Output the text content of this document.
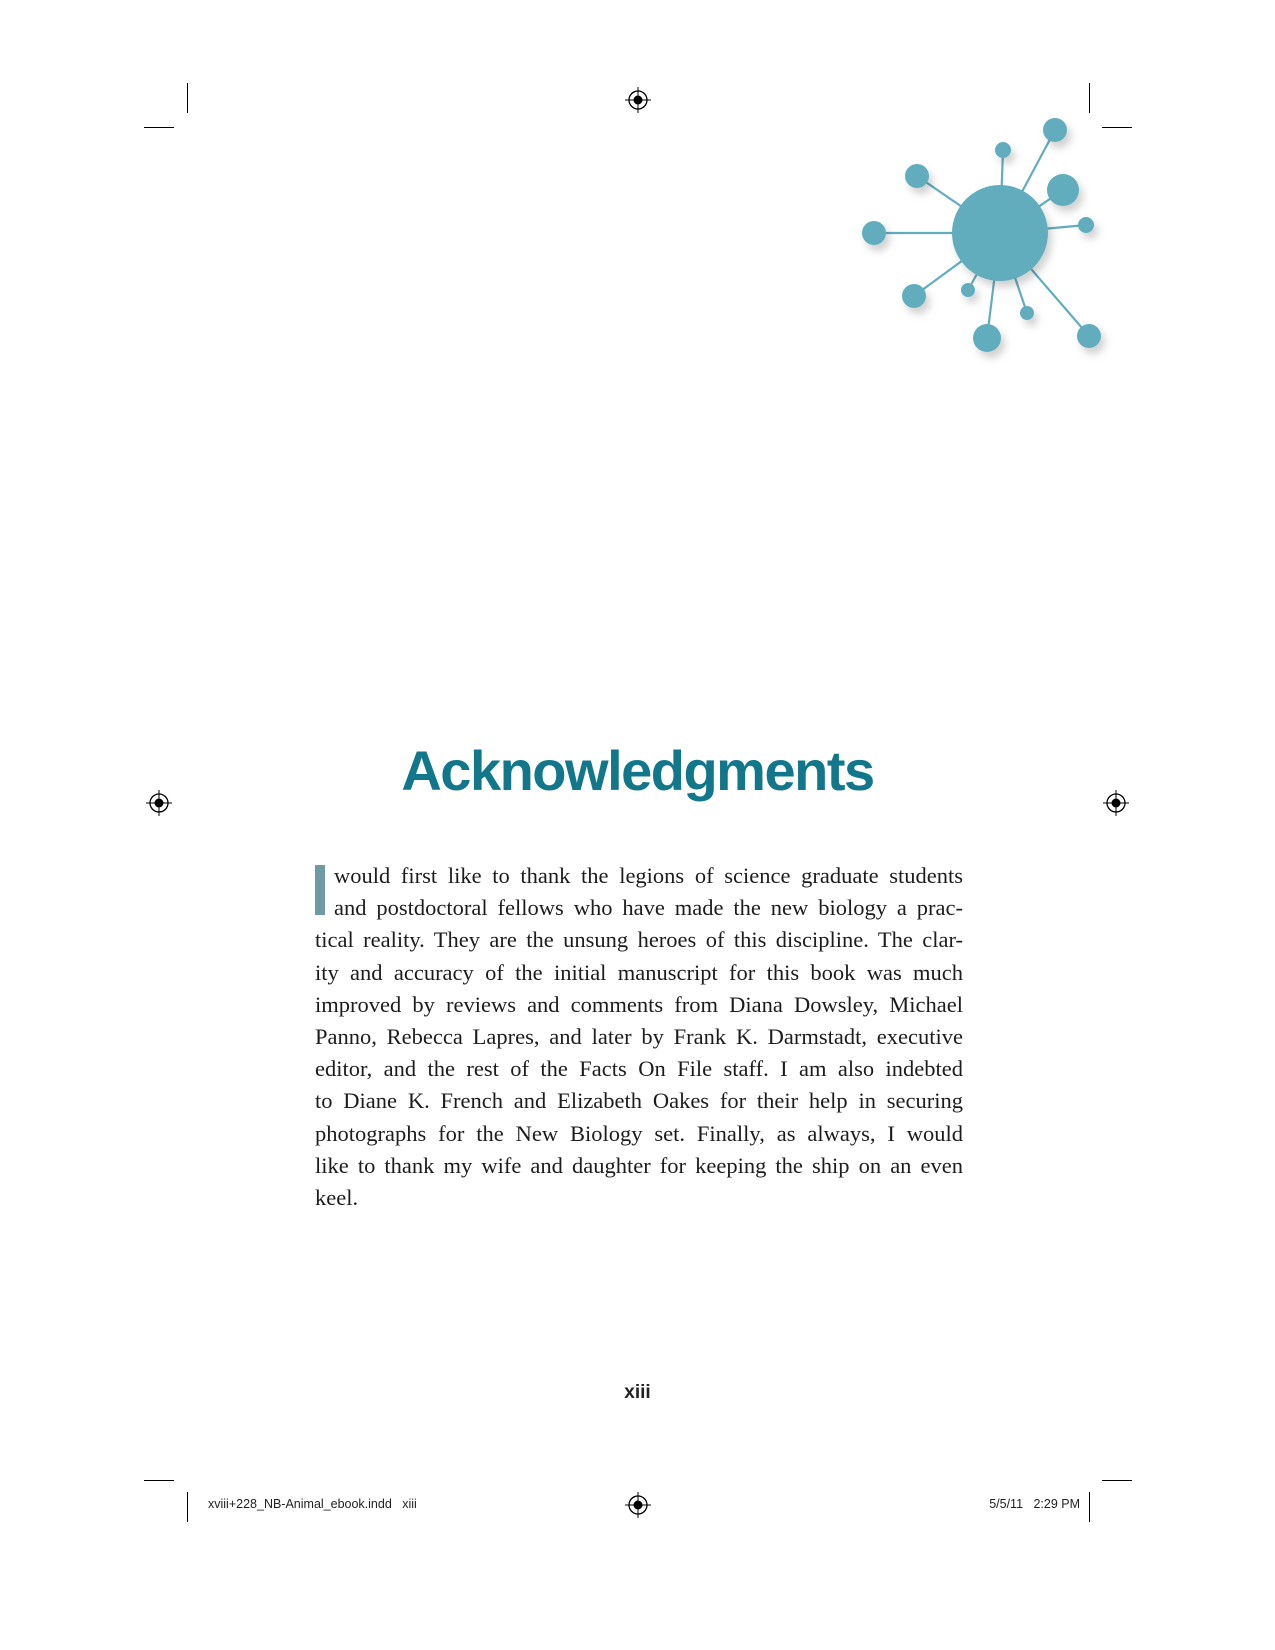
Acknowledgments
would first like to thank the legions of science graduate students
and postdoctoral fellows who have made the new biology a prac-
tical reality. They are the unsung heroes of this discipline. The clar-
ity and accuracy of the initial manuscript for this book was much
improved by reviews and comments from Diana Dowsley, Michael
Panno, Rebecca Lapres, and later by Frank K. Darmstadt, executive
editor, and the rest of the Facts On File staff. I am also indebted
to Diane K. French and Elizabeth Oakes for their help in securing
photographs for the New Biology set. Finally, as always, I would
like to thank my wife and daughter for keeping the ship on an even
keel.
xiii
xviii+228_NB-Animal_ebook.indd   xiii	5/5/11   2:29 PM
